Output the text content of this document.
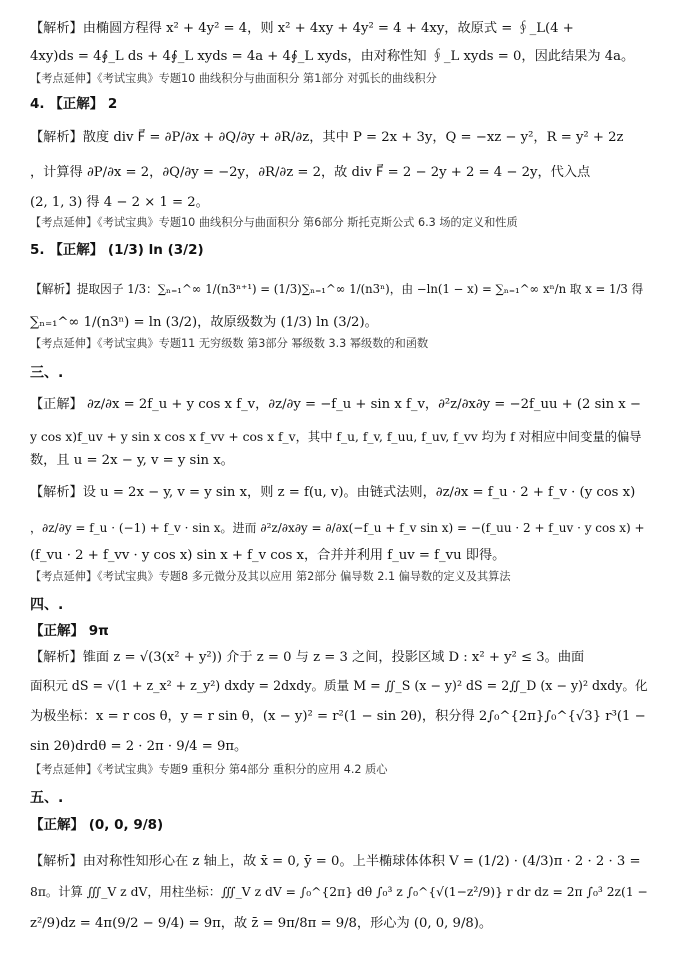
【解析】由椭圆方程得 x² + 4y² = 4，则 x² + 4xy + 4y² = 4 + 4xy，故原式 = ∮_L(4 +
4xy)ds = 4∮_L ds + 4∮_L xyds = 4a + 4∮_L xyds，由对称性知 ∮_L xyds = 0，因此结果为 4a。
【考点延伸】《考试宝典》专题10 曲线积分与曲面积分 第1部分 对弧长的曲线积分
4. 【正解】 2
【解析】散度 div F⃗ = ∂P/∂x + ∂Q/∂y + ∂R/∂z，其中 P = 2x + 3y，Q = −xz − y²，R = y² + 2z
，计算得 ∂P/∂x = 2，∂Q/∂y = −2y，∂R/∂z = 2，故 div F⃗ = 2 − 2y + 2 = 4 − 2y，代入点
(2, 1, 3) 得 4 − 2 × 1 = 2。
【考点延伸】《考试宝典》专题10 曲线积分与曲面积分 第6部分 斯托克斯公式 6.3 场的定义和性质
5. 【正解】 (1/3) ln (3/2)
【解析】提取因子 1/3：∑ₙ₌₁^∞ 1/(n3ⁿ⁺¹) = (1/3)∑ₙ₌₁^∞ 1/(n3ⁿ)，由 −ln(1 − x) = ∑ₙ₌₁^∞ xⁿ/n 取 x = 1/3 得
∑ₙ₌₁^∞ 1/(n3ⁿ) = ln (3/2)，故原级数为 (1/3) ln (3/2)。
【考点延伸】《考试宝典》专题11 无穷级数 第3部分 幂级数 3.3 幂级数的和函数
三、.
【正解】 ∂z/∂x = 2f_u + y cos x f_v，∂z/∂y = −f_u + sin x f_v，∂²z/∂x∂y = −2f_uu + (2 sin x −
y cos x)f_uv + y sin x cos x f_vv + cos x f_v，其中 f_u, f_v, f_uu, f_uv, f_vv 均为 f 对相应中间变量的偏导
数，且 u = 2x − y, v = y sin x。
【解析】设 u = 2x − y, v = y sin x，则 z = f(u, v)。由链式法则，∂z/∂x = f_u · 2 + f_v · (y cos x)
，∂z/∂y = f_u · (−1) + f_v · sin x。进而 ∂²z/∂x∂y = ∂/∂x(−f_u + f_v sin x) = −(f_uu · 2 + f_uv · y cos x) +
(f_vu · 2 + f_vv · y cos x) sin x + f_v cos x，合并并利用 f_uv = f_vu 即得。
【考点延伸】《考试宝典》专题8 多元微分及其以应用 第2部分 偏导数 2.1 偏导数的定义及其算法
四、.
【正解】 9π
【解析】锥面 z = √(3(x² + y²)) 介于 z = 0 与 z = 3 之间，投影区域 D : x² + y² ≤ 3。曲面
面积元 dS = √(1 + z_x² + z_y²) dxdy = 2dxdy。质量 M = ∬_S (x − y)² dS = 2∬_D (x − y)² dxdy。化
为极坐标：x = r cos θ，y = r sin θ，(x − y)² = r²(1 − sin 2θ)，积分得 2∫₀^{2π}∫₀^{√3} r³(1 −
sin 2θ)drdθ = 2 · 2π · 9/4 = 9π。
【考点延伸】《考试宝典》专题9 重积分 第4部分 重积分的应用 4.2 质心
五、.
【正解】 (0, 0, 9/8)
【解析】由对称性知形心在 z 轴上，故 x̄ = 0, ȳ = 0。上半椭球体体积 V = (1/2) · (4/3)π · 2 · 2 · 3 =
8π。计算 ∭_V z dV，用柱坐标：∭_V z dV = ∫₀^{2π} dθ ∫₀³ z ∫₀^{√(1−z²/9)} r dr dz = 2π ∫₀³ 2z(1 −
z²/9)dz = 4π(9/2 − 9/4) = 9π，故 z̄ = 9π/8π = 9/8，形心为 (0, 0, 9/8)。
